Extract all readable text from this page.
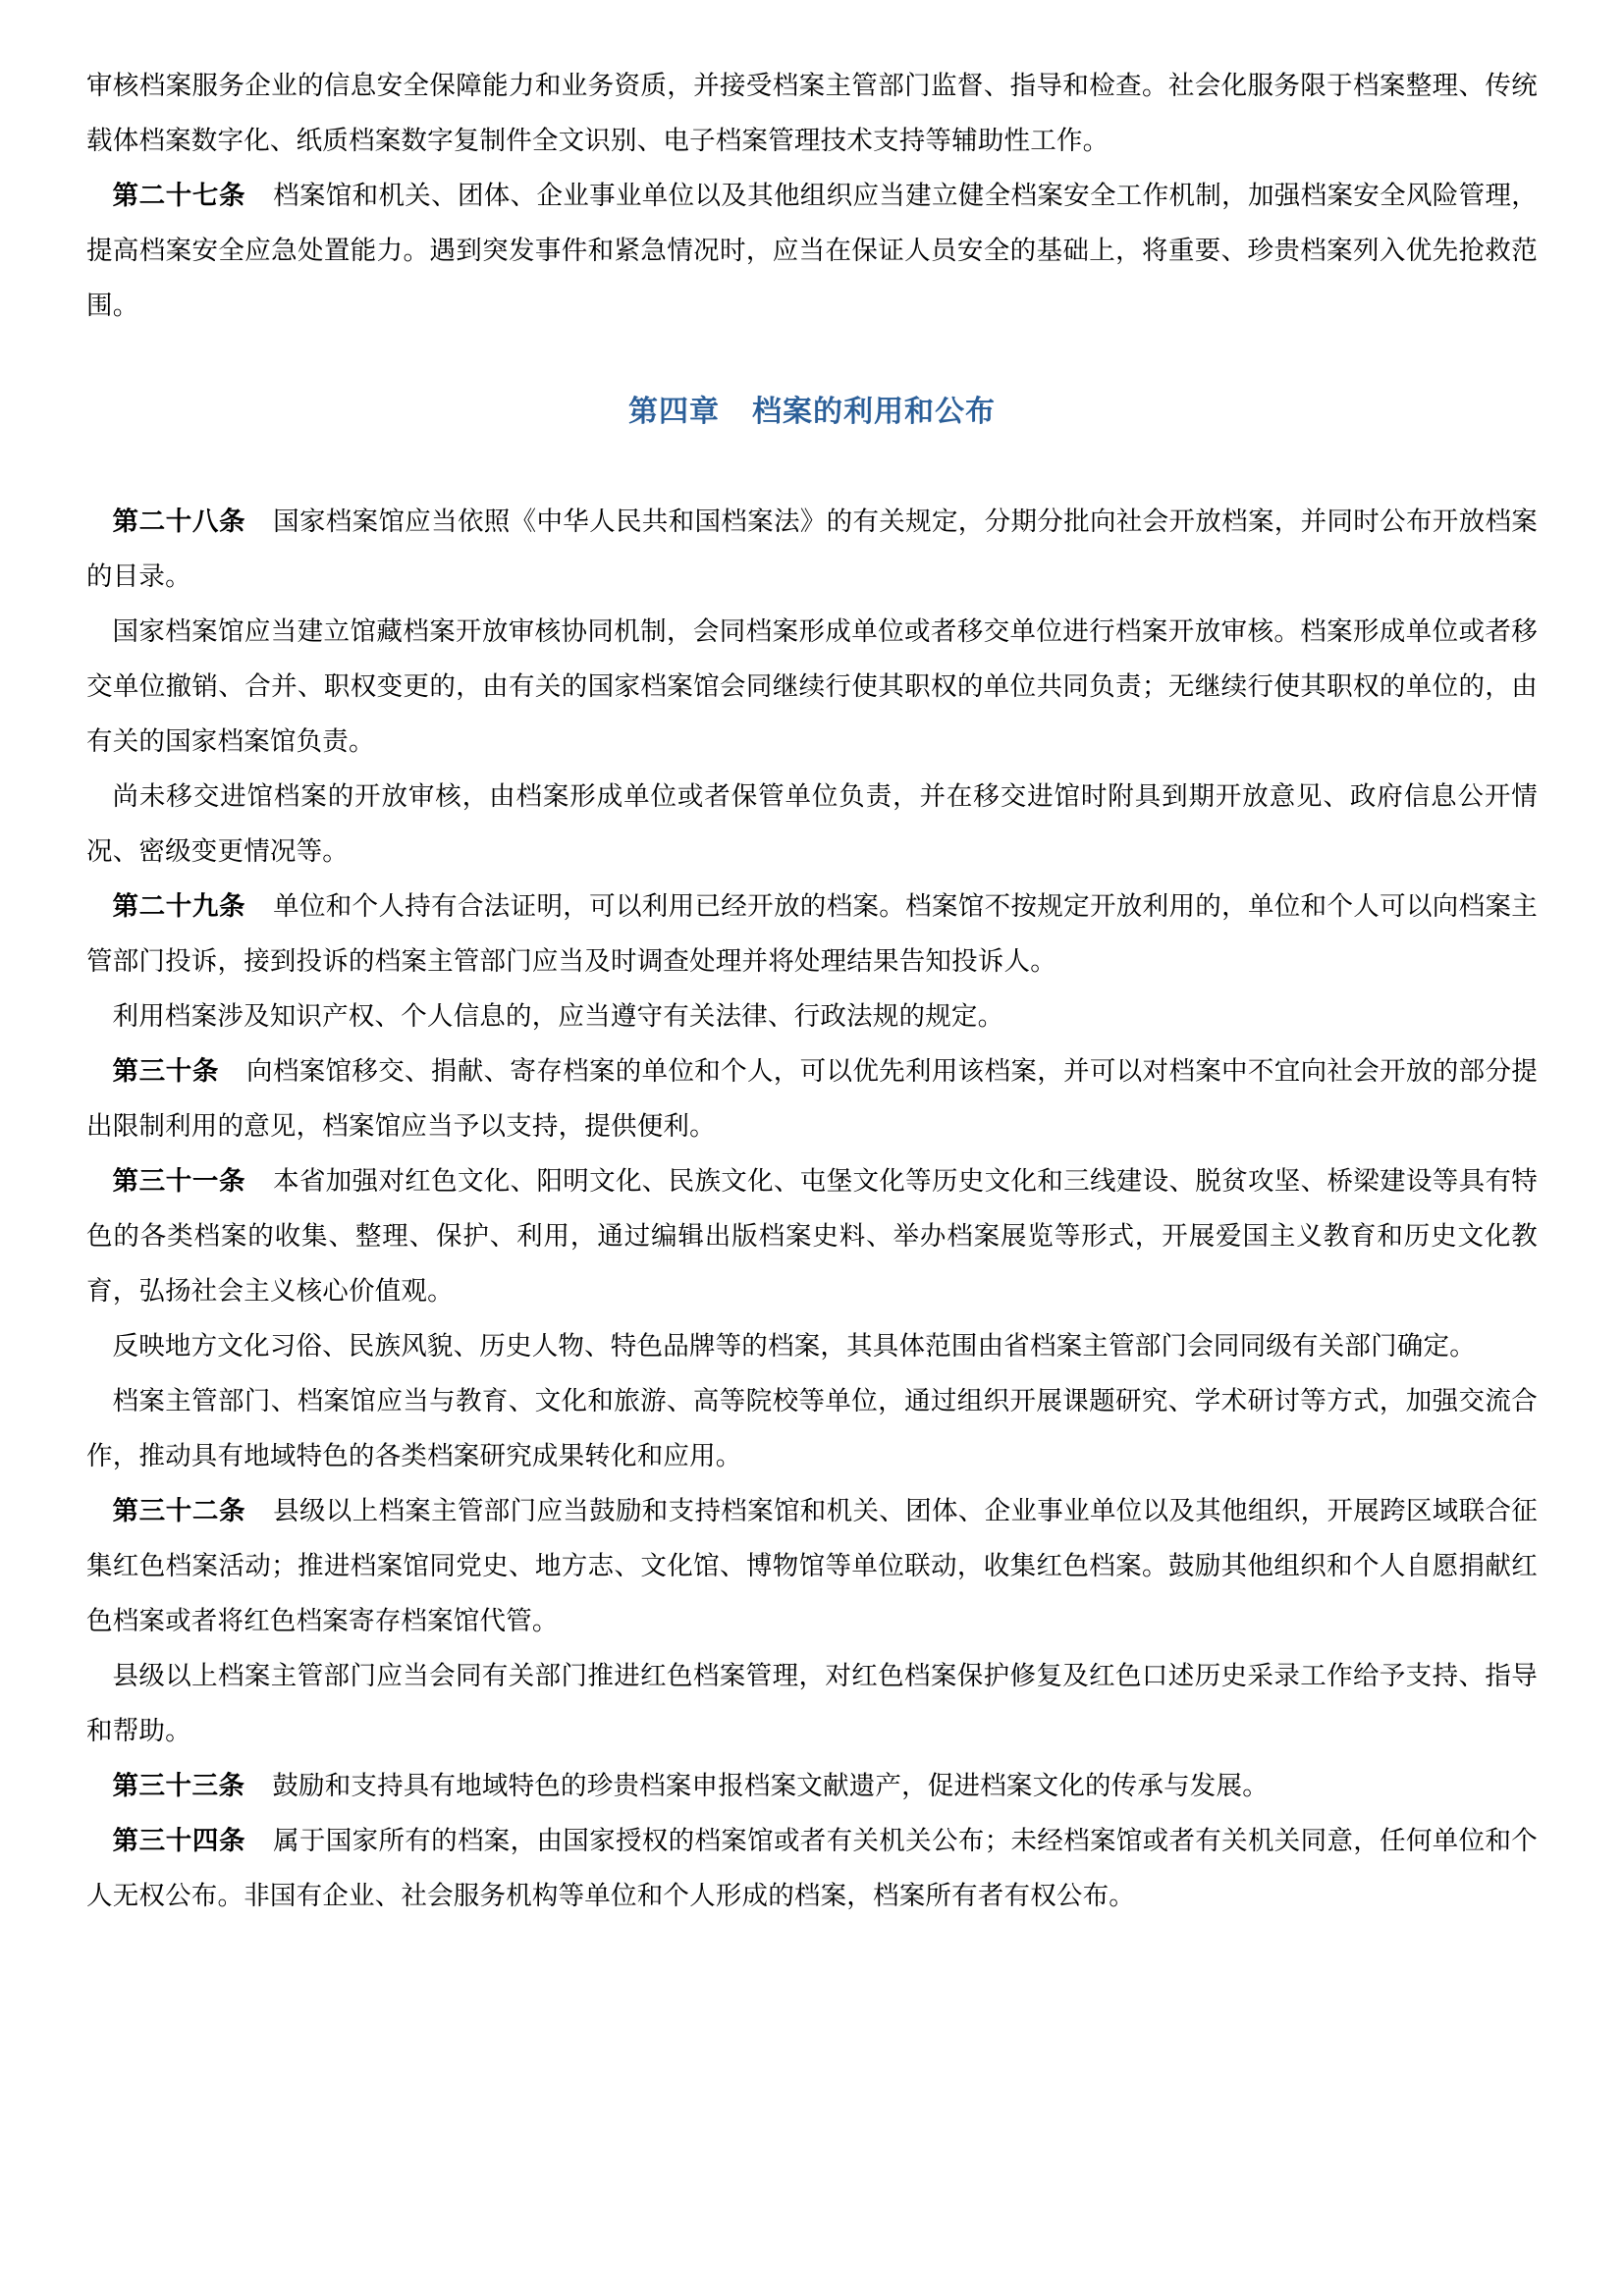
审核档案服务企业的信息安全保障能力和业务资质，并接受档案主管部门监督、指导和检查。社会化服务限于档案整理、传统载体档案数字化、纸质档案数字复制件全文识别、电子档案管理技术支持等辅助性工作。

第二十七条 档案馆和机关、团体、企业事业单位以及其他组织应当建立健全档案安全工作机制，加强档案安全风险管理，提高档案安全应急处置能力。遇到突发事件和紧急情况时，应当在保证人员安全的基础上，将重要、珍贵档案列入优先抢救范围。

第四章 档案的利用和公布

第二十八条 国家档案馆应当依照《中华人民共和国档案法》的有关规定，分期分批向社会开放档案，并同时公布开放档案的目录。

国家档案馆应当建立馆藏档案开放审核协同机制，会同档案形成单位或者移交单位进行档案开放审核。档案形成单位或者移交单位撤销、合并、职权变更的，由有关的国家档案馆会同继续行使其职权的单位共同负责；无继续行使其职权的单位的，由有关的国家档案馆负责。

尚未移交进馆档案的开放审核，由档案形成单位或者保管单位负责，并在移交进馆时附具到期开放意见、政府信息公开情况、密级变更情况等。

第二十九条 单位和个人持有合法证明，可以利用已经开放的档案。档案馆不按规定开放利用的，单位和个人可以向档案主管部门投诉，接到投诉的档案主管部门应当及时调查处理并将处理结果告知投诉人。

利用档案涉及知识产权、个人信息的，应当遵守有关法律、行政法规的规定。

第三十条 向档案馆移交、捐献、寄存档案的单位和个人，可以优先利用该档案，并可以对档案中不宜向社会开放的部分提出限制利用的意见，档案馆应当予以支持，提供便利。

第三十一条 本省加强对红色文化、阳明文化、民族文化、屯堡文化等历史文化和三线建设、脱贫攻坚、桥梁建设等具有特色的各类档案的收集、整理、保护、利用，通过编辑出版档案史料、举办档案展览等形式，开展爱国主义教育和历史文化教育，弘扬社会主义核心价值观。

反映地方文化习俗、民族风貌、历史人物、特色品牌等的档案，其具体范围由省档案主管部门会同同级有关部门确定。

档案主管部门、档案馆应当与教育、文化和旅游、高等院校等单位，通过组织开展课题研究、学术研讨等方式，加强交流合作，推动具有地域特色的各类档案研究成果转化和应用。

第三十二条 县级以上档案主管部门应当鼓励和支持档案馆和机关、团体、企业事业单位以及其他组织，开展跨区域联合征集红色档案活动；推进档案馆同党史、地方志、文化馆、博物馆等单位联动，收集红色档案。鼓励其他组织和个人自愿捐献红色档案或者将红色档案寄存档案馆代管。

县级以上档案主管部门应当会同有关部门推进红色档案管理，对红色档案保护修复及红色口述历史采录工作给予支持、指导和帮助。

第三十三条 鼓励和支持具有地域特色的珍贵档案申报档案文献遗产，促进档案文化的传承与发展。

第三十四条 属于国家所有的档案，由国家授权的档案馆或者有关机关公布；未经档案馆或者有关机关同意，任何单位和个人无权公布。非国有企业、社会服务机构等单位和个人形成的档案，档案所有者有权公布。
